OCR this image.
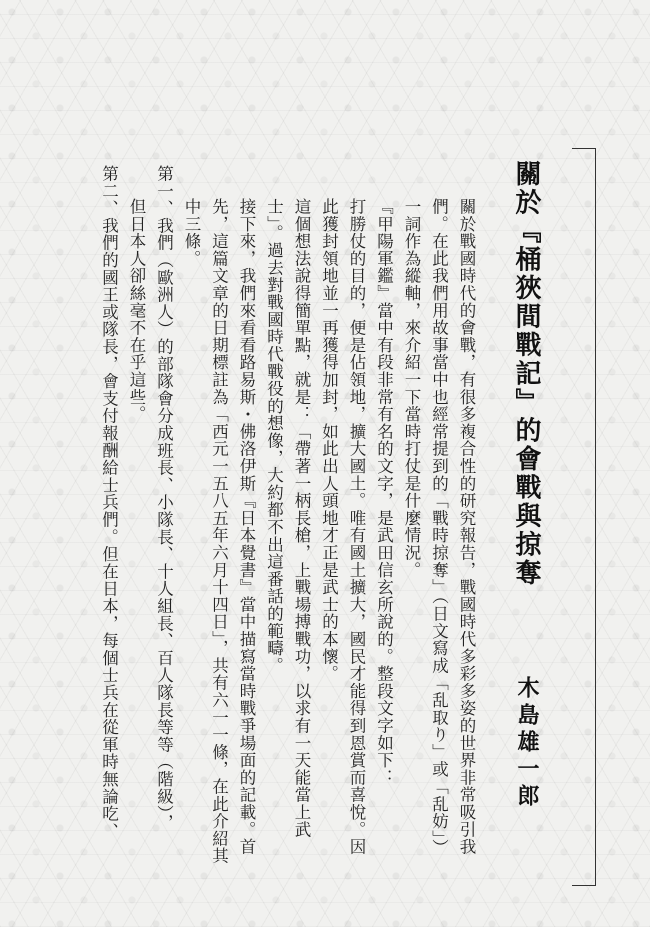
關於『桶狹間戰記』的會戰與掠奪
木島雄一郎

關於戰國時代的會戰，有很多複合性的研究報告，戰國時代多彩多姿的世界非常吸引我們。在此我們用故事當中也經常提到的「戰時掠奪」（日文寫成「乱取り」或「乱妨」）一詞作為縱軸，來介紹一下當時打仗是什麼情況。

『甲陽軍鑑』當中有段非常有名的文字，是武田信玄所說的。整段文字如下：

打勝仗的目的，便是佔領地，擴大國土。唯有國土擴大，國民才能得到恩賞而喜悅。因此獲封領地並一再獲得加封，如此出人頭地才正是武士的本懷。

這個想法說得簡單點，就是：「帶著一柄長槍，上戰場搏戰功，以求有一天能當上武士」。過去對戰國時代戰役的想像，大約都不出這番話的範疇。

接下來，我們來看看路易斯・佛洛伊斯『日本覺書』當中描寫當時戰爭場面的記載。首先，這篇文章的日期標註為「西元一五八五年六月十四日」，共有六一一條，在此介紹其中三條。

第一、我們（歐洲人）的部隊會分成班長、小隊長、十人組長、百人隊長等等（階級），

但日本人卻絲毫不在乎這些。

第二、我們的國王或隊長，會支付報酬給士兵們。但在日本，每個士兵在從軍時無論吃、
